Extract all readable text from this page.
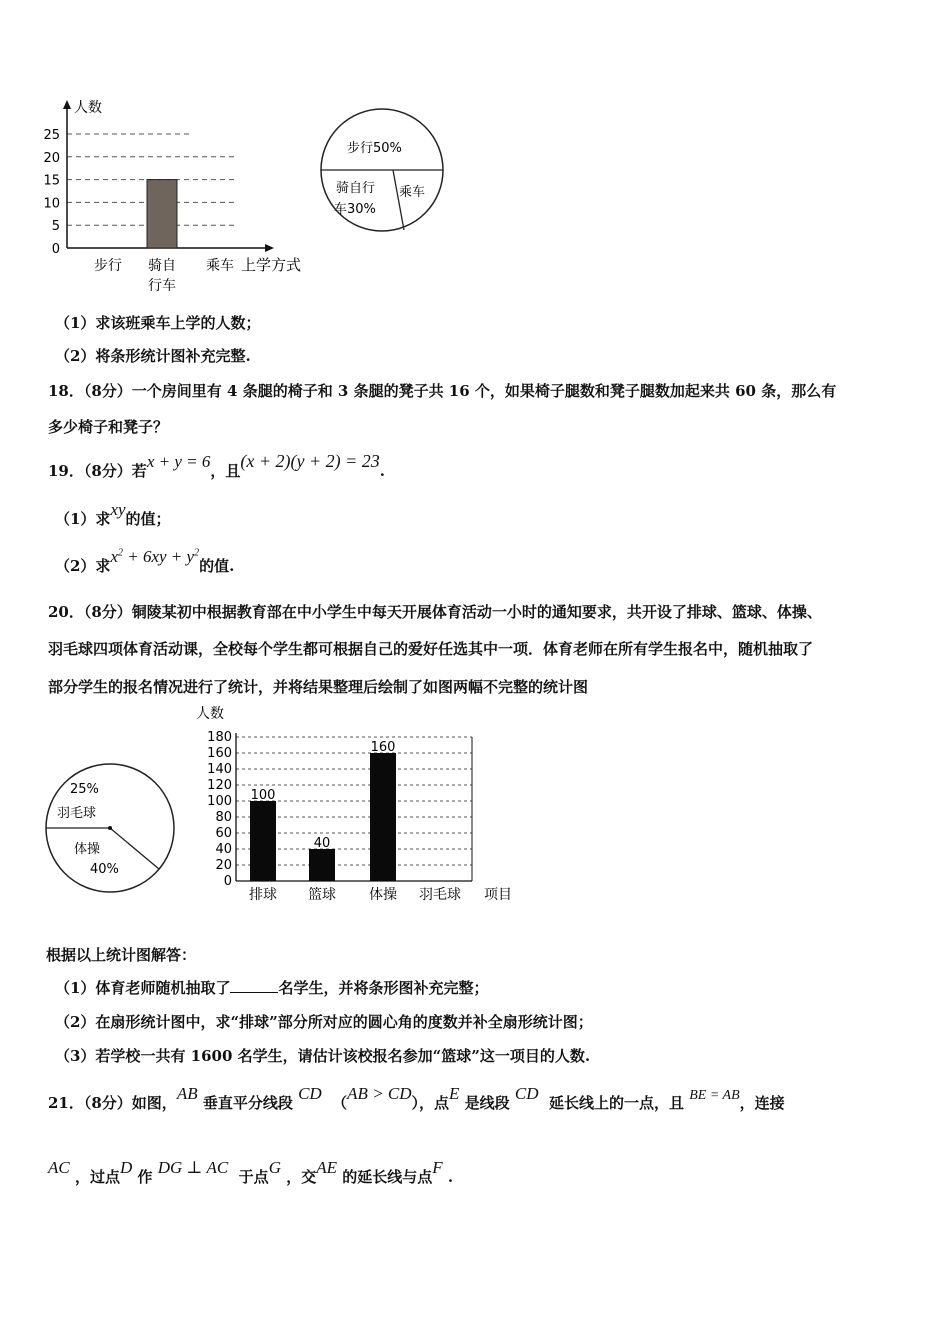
0
5
10
15
20
25
人数
上学方式
步行 骑自
行车
乘车
步行50%
骑自行
车30%
乘车
（1）求该班乘车上学的人数；
（2）将条形统计图补充完整.
18．（8分）一个房间里有 4 条腿的椅子和 3 条腿的凳子共 16 个，如果椅子腿数和凳子腿数加起来共 60 条，那么有
多少椅子和凳子？
19．（8分）若x + y = 6，且(x + 2)(y + 2) = 23.
（1）求xy的值；
（2）求$x^2 + 6xy + y^2$的值.
20．（8分）铜陵某初中根据教育部在中小学生中每天开展体育活动一小时的通知要求，共开设了排球、篮球、体操、
羽毛球四项体育活动课，全校每个学生都可根据自己的爱好任选其中一项．体育老师在所有学生报名中，随机抽取了
部分学生的报名情况进行了统计，并将结果整理后绘制了如图两幅不完整的统计图
25%
羽毛球
体操
40%
人数
0
20
40
60
80
100
120
140
160
180
100
40
160
排球 篮球 体操 羽毛球 项目
根据以上统计图解答：
（1）体育老师随机抽取了	名学生，并将条形图补充完整；
（2）在扇形统计图中，求“排球”部分所对应的圆心角的度数并补全扇形统计图；
（3）若学校一共有 1600 名学生，请估计该校报名参加“篮球”这一项目的人数.
21．（8分）如图，AB 垂直平分线段 CD （AB > CD），点E 是线段 CD 延长线上的一点，且 BE = AB，连接
AC ，过点D 作 DG ⊥ AC 于点G ，交AE 的延长线与点F .
